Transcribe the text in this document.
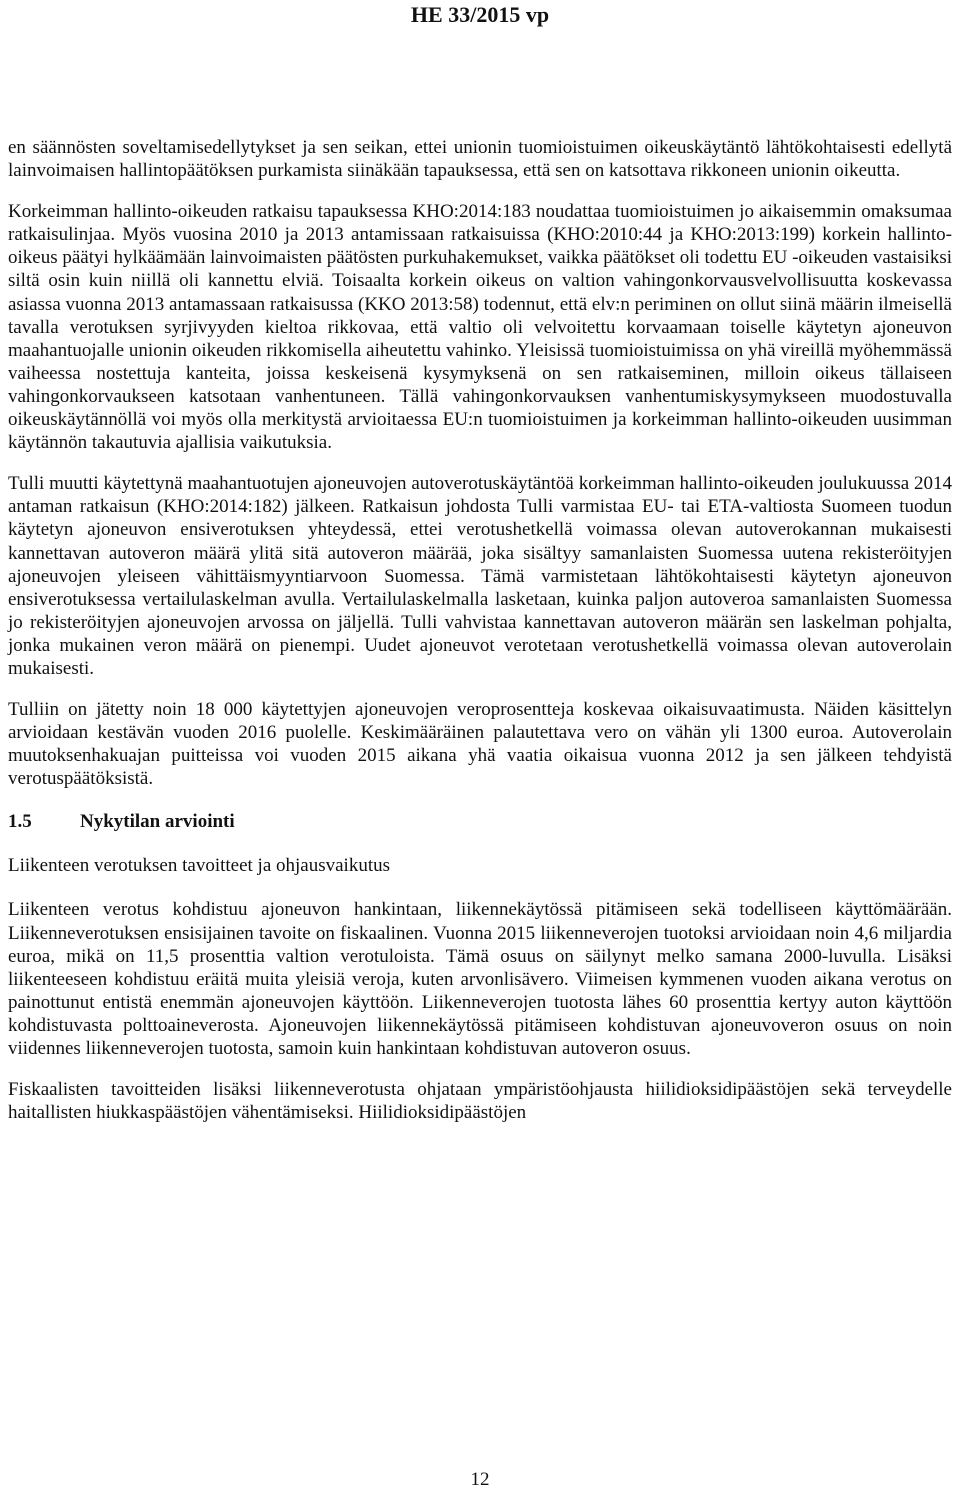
HE 33/2015 vp

en säännösten soveltamisedellytykset ja sen seikan, ettei unionin tuomioistuimen oikeuskäytäntö lähtökohtaisesti edellytä lainvoimaisen hallintopäätöksen purkamista siinäkään tapauksessa, että sen on katsottava rikkoneen unionin oikeutta.

Korkeimman hallinto-oikeuden ratkaisu tapauksessa KHO:2014:183 noudattaa tuomioistuimen jo aikaisemmin omaksumaa ratkaisulinjaa. Myös vuosina 2010 ja 2013 antamissaan ratkaisuissa (KHO:2010:44 ja KHO:2013:199) korkein hallinto-oikeus päätyi hylkäämään lainvoimaisten päätösten purkuhakemukset, vaikka päätökset oli todettu EU -oikeuden vastaisiksi siltä osin kuin niillä oli kannettu elviä. Toisaalta korkein oikeus on valtion vahingonkorvausvelvollisuutta koskevassa asiassa vuonna 2013 antamassaan ratkaisussa (KKO 2013:58) todennut, että elv:n periminen on ollut siinä määrin ilmeisellä tavalla verotuksen syrjivyyden kieltoa rikkovaa, että valtio oli velvoitettu korvaamaan toiselle käytetyn ajoneuvon maahantuojalle unionin oikeuden rikkomisella aiheutettu vahinko. Yleisissä tuomioistuimissa on yhä vireillä myöhemmässä vaiheessa nostettuja kanteita, joissa keskeisenä kysymyksenä on sen ratkaiseminen, milloin oikeus tällaiseen vahingonkorvaukseen katsotaan vanhentuneen. Tällä vahingonkorvauksen vanhentumiskysymykseen muodostuvalla oikeuskäytännöllä voi myös olla merkitystä arvioitaessa EU:n tuomioistuimen ja korkeimman hallinto-oikeuden uusimman käytännön takautuvia ajallisia vaikutuksia.

Tulli muutti käytettynä maahantuotujen ajoneuvojen autoverotuskäytäntöä korkeimman hallinto-oikeuden joulukuussa 2014 antaman ratkaisun (KHO:2014:182) jälkeen. Ratkaisun johdosta Tulli varmistaa EU- tai ETA-valtiosta Suomeen tuodun käytetyn ajoneuvon ensiverotuksen yhteydessä, ettei verotushetkellä voimassa olevan autoverokannan mukaisesti kannettavan autoveron määrä ylitä sitä autoveron määrää, joka sisältyy samanlaisten Suomessa uutena rekisteröityjen ajoneuvojen yleiseen vähittäismyyntiarvoon Suomessa. Tämä varmistetaan lähtökohtaisesti käytetyn ajoneuvon ensiverotuksessa vertailulaskelman avulla. Vertailulaskelmalla lasketaan, kuinka paljon autoveroa samanlaisten Suomessa jo rekisteröityjen ajoneuvojen arvossa on jäljellä. Tulli vahvistaa kannettavan autoveron määrän sen laskelman pohjalta, jonka mukainen veron määrä on pienempi. Uudet ajoneuvot verotetaan verotushetkellä voimassa olevan autoverolain mukaisesti.

Tulliin on jätetty noin 18 000 käytettyjen ajoneuvojen veroprosentteja koskevaa oikaisuvaatimusta. Näiden käsittelyn arvioidaan kestävän vuoden 2016 puolelle. Keskimääräinen palautettava vero on vähän yli 1300 euroa. Autoverolain muutoksenhakuajan puitteissa voi vuoden 2015 aikana yhä vaatia oikaisua vuonna 2012 ja sen jälkeen tehdyistä verotuspäätöksistä.

1.5	Nykytilan arviointi

Liikenteen verotuksen tavoitteet ja ohjausvaikutus

Liikenteen verotus kohdistuu ajoneuvon hankintaan, liikennekäytössä pitämiseen sekä todelliseen käyttömäärään. Liikenneverotuksen ensisijainen tavoite on fiskaalinen. Vuonna 2015 liikenneverojen tuotoksi arvioidaan noin 4,6 miljardia euroa, mikä on 11,5 prosenttia valtion verotuloista. Tämä osuus on säilynyt melko samana 2000-luvulla. Lisäksi liikenteeseen kohdistuu eräitä muita yleisiä veroja, kuten arvonlisävero. Viimeisen kymmenen vuoden aikana verotus on painottunut entistä enemmän ajoneuvojen käyttöön. Liikenneverojen tuotosta lähes 60 prosenttia kertyy auton käyttöön kohdistuvasta polttoaineverosta. Ajoneuvojen liikennekäytössä pitämiseen kohdistuvan ajoneuvoveron osuus on noin viidennes liikenneverojen tuotosta, samoin kuin hankintaan kohdistuvan autoveron osuus.

Fiskaalisten tavoitteiden lisäksi liikenneverotusta ohjataan ympäristöohjausta hiilidioksidipäästöjen sekä terveydelle haitallisten hiukkaspäästöjen vähentämiseksi. Hiilidioksidipäästöjen

12
